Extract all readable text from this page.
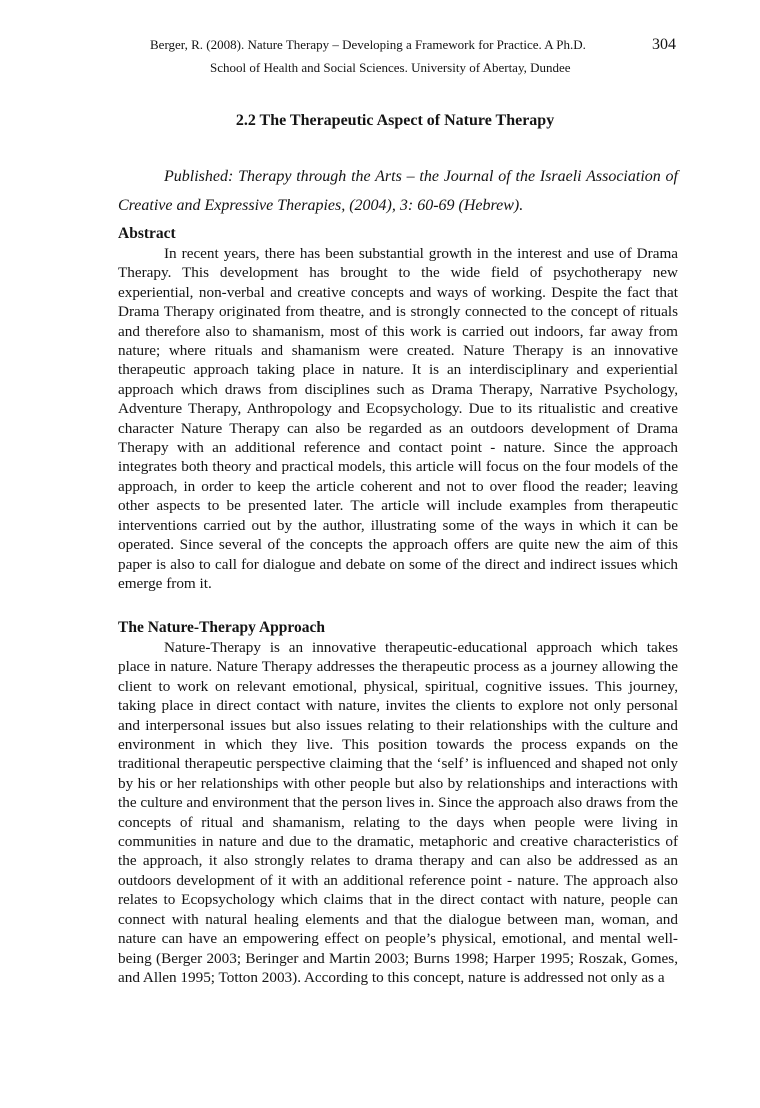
Berger, R. (2008). Nature Therapy – Developing a Framework for Practice. A Ph.D.	304
School of Health and Social Sciences. University of Abertay, Dundee
2.2 The Therapeutic Aspect of Nature Therapy
Published: Therapy through the Arts – the Journal of the Israeli Association of Creative and Expressive Therapies, (2004), 3: 60-69 (Hebrew).
Abstract

In recent years, there has been substantial growth in the interest and use of Drama Therapy. This development has brought to the wide field of psychotherapy new experiential, non-verbal and creative concepts and ways of working. Despite the fact that Drama Therapy originated from theatre, and is strongly connected to the concept of rituals and therefore also to shamanism, most of this work is carried out indoors, far away from nature; where rituals and shamanism were created. Nature Therapy is an innovative therapeutic approach taking place in nature. It is an interdisciplinary and experiential approach which draws from disciplines such as Drama Therapy, Narrative Psychology, Adventure Therapy, Anthropology and Ecopsychology. Due to its ritualistic and creative character Nature Therapy can also be regarded as an outdoors development of Drama Therapy with an additional reference and contact point - nature. Since the approach integrates both theory and practical models, this article will focus on the four models of the approach, in order to keep the article coherent and not to over flood the reader; leaving other aspects to be presented later. The article will include examples from therapeutic interventions carried out by the author, illustrating some of the ways in which it can be operated. Since several of the concepts the approach offers are quite new the aim of this paper is also to call for dialogue and debate on some of the direct and indirect issues which emerge from it.

The Nature-Therapy Approach

Nature-Therapy is an innovative therapeutic-educational approach which takes place in nature. Nature Therapy addresses the therapeutic process as a journey allowing the client to work on relevant emotional, physical, spiritual, cognitive issues. This journey, taking place in direct contact with nature, invites the clients to explore not only personal and interpersonal issues but also issues relating to their relationships with the culture and environment in which they live. This position towards the process expands on the traditional therapeutic perspective claiming that the ‘self’ is influenced and shaped not only by his or her relationships with other people but also by relationships and interactions with the culture and environment that the person lives in. Since the approach also draws from the concepts of ritual and shamanism, relating to the days when people were living in communities in nature and due to the dramatic, metaphoric and creative characteristics of the approach, it also strongly relates to drama therapy and can also be addressed as an outdoors development of it with an additional reference point - nature. The approach also relates to Ecopsychology which claims that in the direct contact with nature, people can connect with natural healing elements and that the dialogue between man, woman, and nature can have an empowering effect on people’s physical, emotional, and mental well-being (Berger 2003; Beringer and Martin 2003; Burns 1998; Harper 1995; Roszak, Gomes, and Allen 1995; Totton 2003). According to this concept, nature is addressed not only as a
